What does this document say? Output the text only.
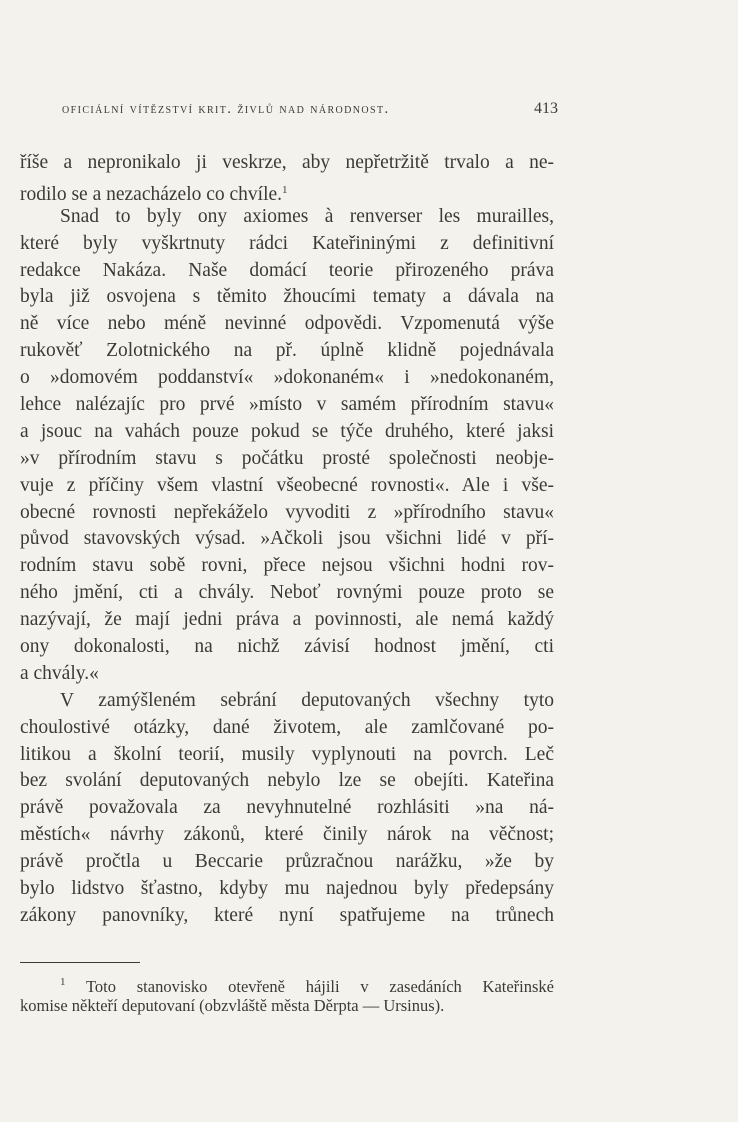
oficiální vítězství krit. živlů nad národnost.	413
říše a nepronikalo ji veskrze, aby nepřetržitě trvalo a ne-
rodilo se a nezacházelo co chvíle.$^1$
Snad to byly ony axiomes à renverser les murailles,
které byly vyškrtnuty rádci Kateřininými z definitivní
redakce Nakáza. Naše domácí teorie přirozeného práva
byla již osvojena s těmito žhoucími tematy a dávala na
ně více nebo méně nevinné odpovědi. Vzpomenutá výše
rukověť Zolotnického na př. úplně klidně pojednávala
o »domovém poddanství« »dokonaném« i »nedokonaném,
lehce nalézajíc pro prvé »místo v samém přírodním stavu«
a jsouc na vahách pouze pokud se týče druhého, které jaksi
»v přírodním stavu s počátku prosté společnosti neobje-
vuje z příčiny všem vlastní všeobecné rovnosti«. Ale i vše-
obecné rovnosti nepřekáželo vyvoditi z »přírodního stavu«
původ stavovských výsad. »Ačkoli jsou všichni lidé v pří-
rodním stavu sobě rovni, přece nejsou všichni hodni rov-
ného jmění, cti a chvály. Neboť rovnými pouze proto se
nazývají, že mají jedni práva a povinnosti, ale nemá každý
ony dokonalosti, na nichž závisí hodnost jmění, cti
a chvály.«
V zamýšleném sebrání deputovaných všechny tyto
choulostivé otázky, dané životem, ale zamlčované po-
litikou a školní teorií, musily vyplynouti na povrch. Leč
bez svolání deputovaných nebylo lze se obejíti. Kateřina
právě považovala za nevyhnutelné rozhlásiti »na ná-
městích« návrhy zákonů, které činily nárok na věčnost;
právě pročtla u Beccarie průzračnou narážku, »že by
bylo lidstvo šťastno, kdyby mu najednou byly předepsány
zákony panovníky, které nyní spatřujeme na trůnech
$^1$ Toto stanovisko otevřeně hájili v zasedáních Kateřinské
komise někteří deputovaní (obzvláště města Děrpta — Ursinus).
